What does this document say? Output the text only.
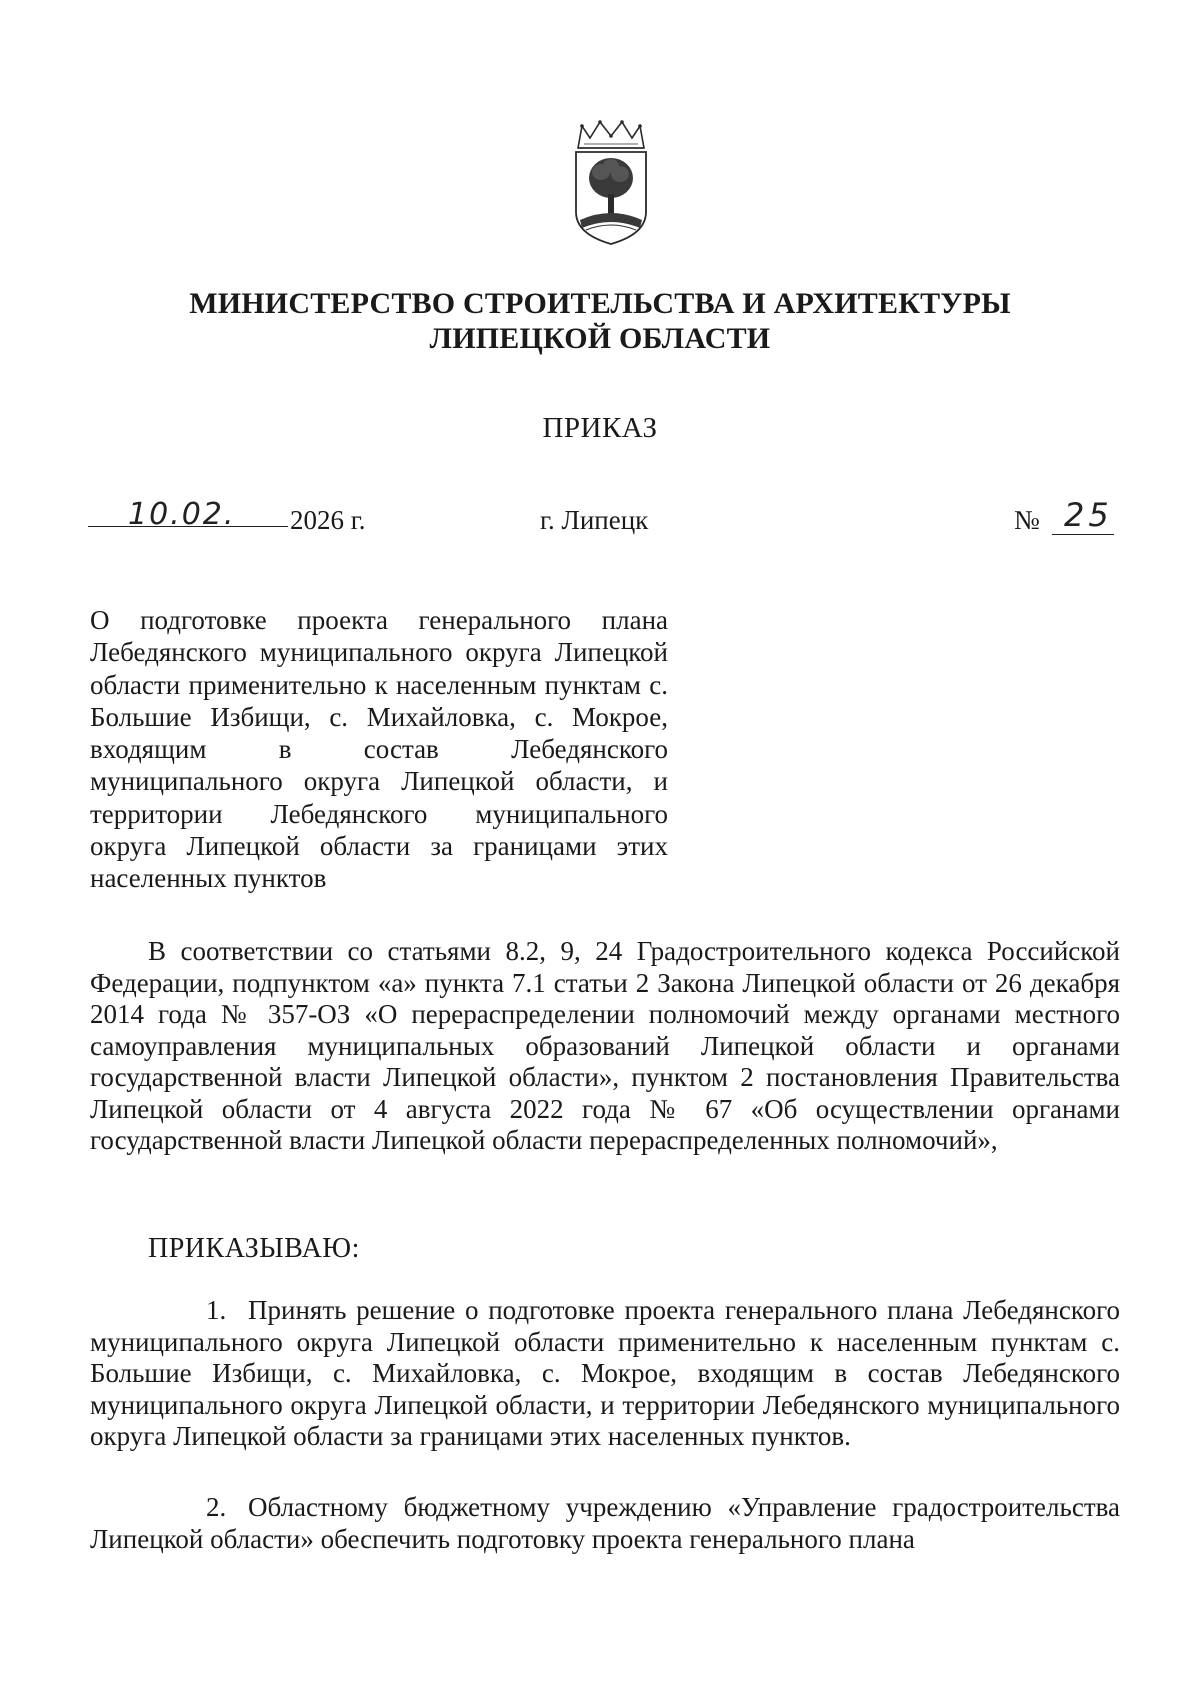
МИНИСТЕРСТВО СТРОИТЕЛЬСТВА И АРХИТЕКТУРЫ
ЛИПЕЦКОЙ ОБЛАСТИ
ПРИКАЗ
10.02. 2026 г.	г. Липецк	№ 25
О подготовке проекта генерального плана Лебедянского муниципального округа Липецкой области применительно к населенным пунктам с. Большие Избищи, с. Михайловка, с. Мокрое, входящим в состав Лебедянского муниципального округа Липецкой области, и территории Лебедянского муниципального округа Липецкой области за границами этих населенных пунктов
В соответствии со статьями 8.2, 9, 24 Градостроительного кодекса Российской Федерации, подпунктом «а» пункта 7.1 статьи 2 Закона Липецкой области от 26 декабря 2014 года № 357-ОЗ «О перераспределении полномочий между органами местного самоуправления муниципальных образований Липецкой области и органами государственной власти Липецкой области», пунктом 2 постановления Правительства Липецкой области от 4 августа 2022 года № 67 «Об осуществлении органами государственной власти Липецкой области перераспределенных полномочий»,
ПРИКАЗЫВАЮ:
1. Принять решение о подготовке проекта генерального плана Лебедянского муниципального округа Липецкой области применительно к населенным пунктам с. Большие Избищи, с. Михайловка, с. Мокрое, входящим в состав Лебедянского муниципального округа Липецкой области, и территории Лебедянского муниципального округа Липецкой области за границами этих населенных пунктов.
2. Областному бюджетному учреждению «Управление градостроительства Липецкой области» обеспечить подготовку проекта генерального плана
